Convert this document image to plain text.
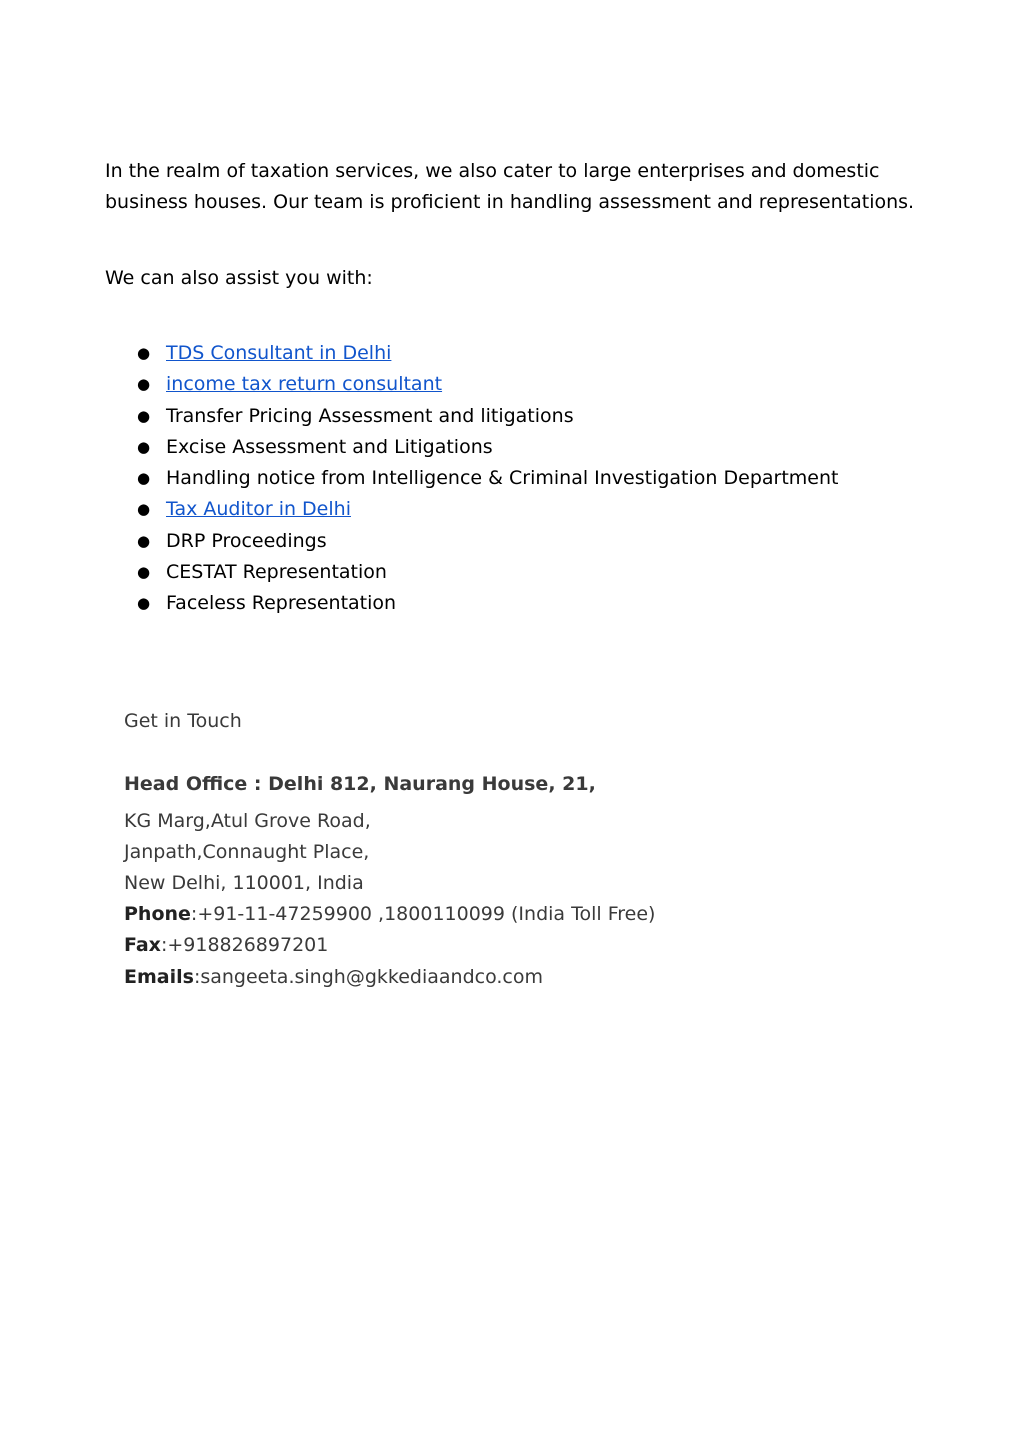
In the realm of taxation services, we also cater to large enterprises and domestic business houses. Our team is proficient in handling assessment and representations.

We can also assist you with:

● TDS Consultant in Delhi
● income tax return consultant
● Transfer Pricing Assessment and litigations
● Excise Assessment and Litigations
● Handling notice from Intelligence & Criminal Investigation Department
● Tax Auditor in Delhi
● DRP Proceedings
● CESTAT Representation
● Faceless Representation
Get in Touch
Head Office : Delhi 812, Naurang House, 21,
KG Marg,Atul Grove Road,
Janpath,Connaught Place,
New Delhi, 110001, India
Phone:+91-11-47259900 ,1800110099 (India Toll Free)
Fax:+918826897201
Emails:sangeeta.singh@gkkediaandco.com
